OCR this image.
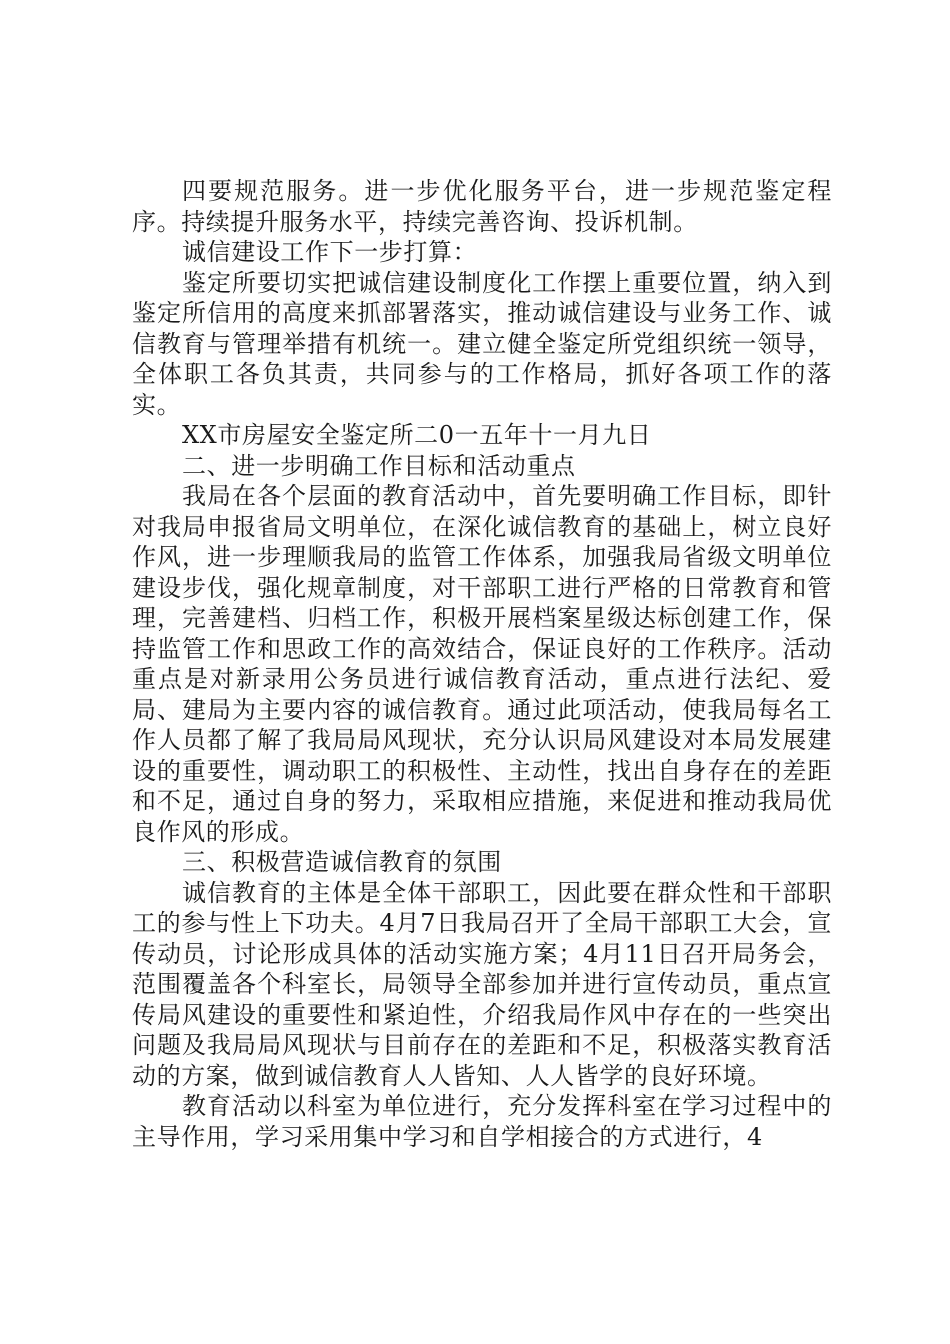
四要规范服务。进一步优化服务平台，进一步规范鉴定程序。持续提升服务水平，持续完善咨询、投诉机制。

诚信建设工作下一步打算：

鉴定所要切实把诚信建设制度化工作摆上重要位置，纳入到鉴定所信用的高度来抓部署落实，推动诚信建设与业务工作、诚信教育与管理举措有机统一。建立健全鉴定所党组织统一领导，全体职工各负其责，共同参与的工作格局，抓好各项工作的落实。

XX市房屋安全鉴定所二0一五年十一月九日

二、进一步明确工作目标和活动重点

我局在各个层面的教育活动中，首先要明确工作目标，即针对我局申报省局文明单位，在深化诚信教育的基础上，树立良好作风，进一步理顺我局的监管工作体系，加强我局省级文明单位建设步伐，强化规章制度，对干部职工进行严格的日常教育和管理，完善建档、归档工作，积极开展档案星级达标创建工作，保持监管工作和思政工作的高效结合，保证良好的工作秩序。活动重点是对新录用公务员进行诚信教育活动，重点进行法纪、爱局、建局为主要内容的诚信教育。通过此项活动，使我局每名工作人员都了解了我局局风现状，充分认识局风建设对本局发展建设的重要性，调动职工的积极性、主动性，找出自身存在的差距和不足，通过自身的努力，采取相应措施，来促进和推动我局优良作风的形成。

三、积极营造诚信教育的氛围

诚信教育的主体是全体干部职工，因此要在群众性和干部职工的参与性上下功夫。4月7日我局召开了全局干部职工大会，宣传动员，讨论形成具体的活动实施方案；4月11日召开局务会，范围覆盖各个科室长，局领导全部参加并进行宣传动员，重点宣传局风建设的重要性和紧迫性，介绍我局作风中存在的一些突出问题及我局局风现状与目前存在的差距和不足，积极落实教育活动的方案，做到诚信教育人人皆知、人人皆学的良好环境。

教育活动以科室为单位进行，充分发挥科室在学习过程中的主导作用，学习采用集中学习和自学相接合的方式进行，4
